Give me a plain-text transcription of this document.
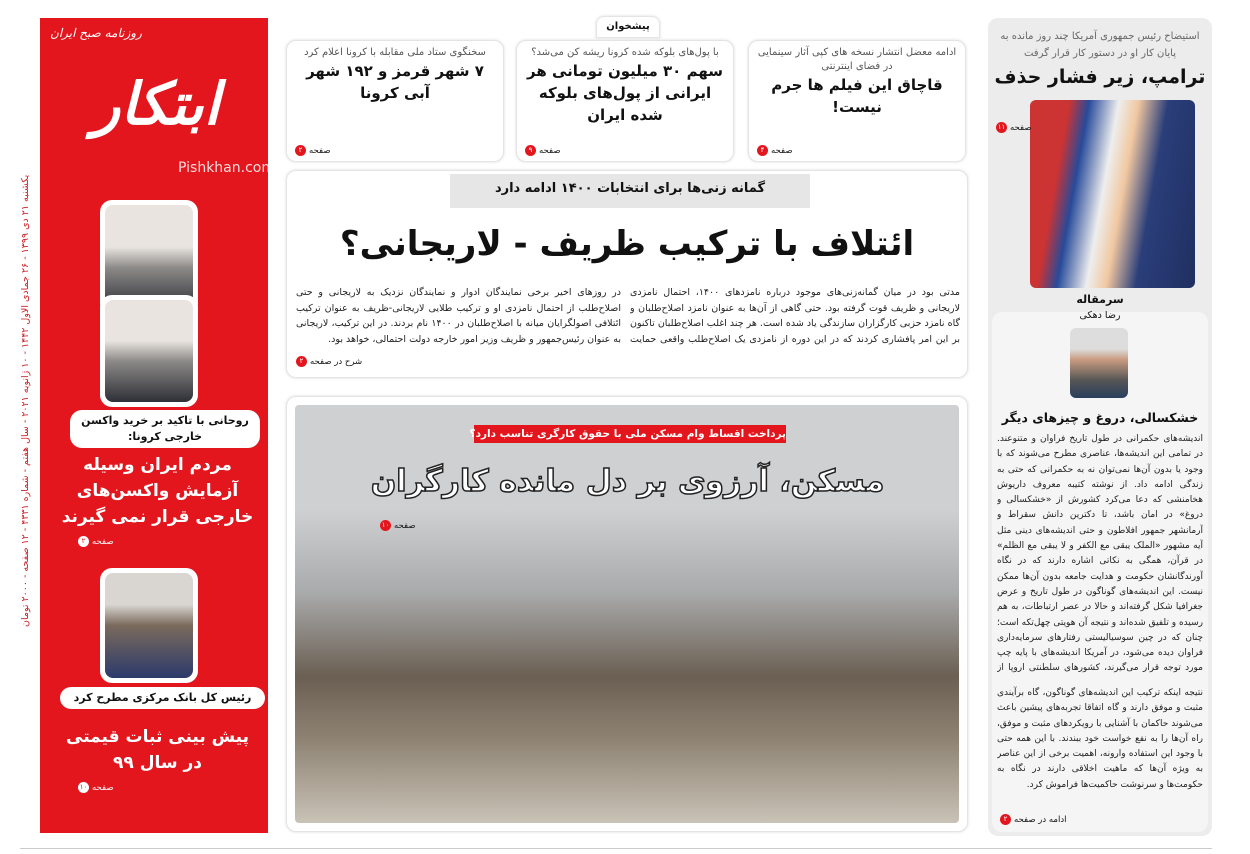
یکشنبه ۲۱ دی ۱۳۹۹ - ۲۶ جمادی الاول ۱۴۴۲ - ۱۰ ژانویه ۲۰۲۱ - سال هفتم - شماره ۴۳۳۱ - ۱۲ صفحه - ۲۰۰۰ تومان
روزنامه صبح ایران
ابتکار
Pishkhan.com
روحانی با تاکید بر خرید واکسن خارجی کرونا:
مردم ایران وسیله آزمایش واکسن‌های خارجی قرار نمی گیرند
صفحه
۲
رئیس کل بانک مرکزی مطرح کرد
پیش بینی ثبات قیمتی در سال ۹۹
صفحه
۱۰
پیشخوان
ادامه معضل انتشار نسخه های کپی آثار سینمایی در فضای اینترنتی
قاچاق این فیلم ها جرم نیست!
صفحه
۴
با پول‌های بلوکه شده کرونا ریشه کن می‌شد؟
سهم ۳۰ میلیون تومانی هر ایرانی از پول‌های بلوکه شده ایران
صفحه
۹
سخنگوی ستاد ملی مقابله با کرونا اعلام کرد
۷ شهر قرمز و ۱۹۲ شهر آبی کرونا
صفحه
۲
گمانه زنی‌ها برای انتخابات ۱۴۰۰ ادامه دارد
ائتلاف با ترکیب ظریف - لاریجانی؟
مدتی بود در میان گمانه‌زنی‌های موجود درباره نامزدهای ۱۴۰۰، احتمال نامزدی لاریجانی و ظریف قوت گرفته بود. حتی گاهی از آن‌ها به عنوان نامزد اصلاح‌طلبان و گاه نامزد حزبی کارگزاران سازندگی یاد شده است. هر چند اغلب اصلاح‌طلبان تاکنون بر این امر پافشاری کردند که در این دوره از نامزدی یک اصلاح‌طلب واقعی حمایت
در روزهای اخیر برخی نمایندگان ادوار و نمایندگان نزدیک به لاریجانی و حتی اصلاح‌طلب از احتمال نامزدی او و ترکیب طلایی لاریجانی-ظریف به عنوان ترکیب ائتلافی اصولگرایان میانه با اصلاح‌طلبان در ۱۴۰۰ نام بردند. در این ترکیب، لاریجانی به عنوان رئیس‌جمهور و ظریف وزیر امور خارجه دولت احتمالی، خواهد بود.
شرح در صفحه
۲
پرداخت اقساط وام مسکن ملی با حقوق کارگری تناسب دارد؟
مسکن، آرزوی بر دل مانده کارگران
صفحه
۱۰
استیضاح رئیس جمهوری آمریکا چند روز مانده به پایان کار او در دستور کار قرار گرفت
ترامپ، زیر فشار حذف
صفحه
۱۱
سرمقاله
رضا دهکی
خشکسالی، دروغ و چیزهای دیگر
اندیشه‌های حکمرانی در طول تاریخ فراوان و متنوعند. در تمامی این اندیشه‌ها، عناصری مطرح می‌شوند که با وجود یا بدون آن‌ها نمی‌توان نه به حکمرانی که حتی به زندگی ادامه داد. از نوشته کتیبه معروف داریوش هخامنشی که دعا می‌کرد کشورش از «خشکسالی و دروغ» در امان باشد، تا دکترین دانش سقراط و آرمانشهر جمهور افلاطون و حتی اندیشه‌های دینی مثل آیه مشهور «الملک یبقی مع الکفر و لا یبقی مع الظلم» در قرآن، همگی به نکاتی اشاره دارند که در نگاه آورندگانشان حکومت و هدایت جامعه بدون آن‌ها ممکن نیست. این اندیشه‌های گوناگون در طول تاریخ و عرض جغرافیا شکل گرفته‌اند و حالا در عصر ارتباطات، به هم رسیده و تلفیق شده‌اند و نتیجه آن هویتی چهل‌تکه است؛ چنان که در چین سوسیالیستی رفتارهای سرمایه‌داری فراوان دیده می‌شود، در آمریکا اندیشه‌های با پایه چپ مورد توجه قرار می‌گیرند، کشورهای سلطنتی اروپا از
نتیجه اینکه ترکیب این اندیشه‌های گوناگون، گاه برآیندی مثبت و موفق دارند و گاه اتفاقا تجربه‌های پیشین باعث می‌شوند حاکمان با آشنایی با رویکردهای مثبت و موفق، راه آن‌ها را به نفع خواست خود ببندند. با این همه حتی با وجود این استفاده وارونه، اهمیت برخی از این عناصر به ویژه آن‌ها که ماهیت اخلاقی دارند در نگاه به حکومت‌ها و سرنوشت حاکمیت‌ها فراموش کرد.
ادامه در صفحه
۲
